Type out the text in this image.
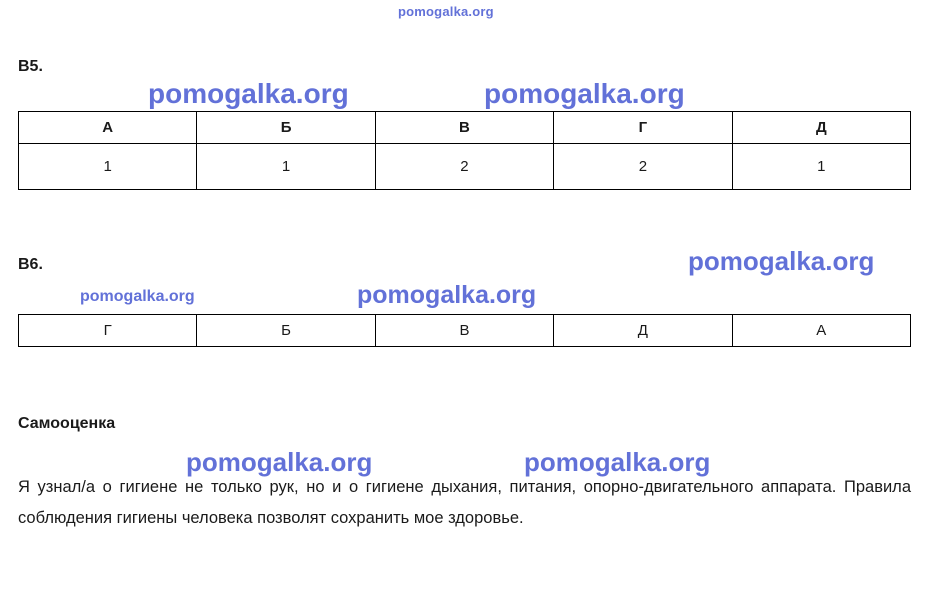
pomogalka.org
pomogalka.org	pomogalka.org
pomogalka.org
pomogalka.org	pomogalka.org
pomogalka.org	pomogalka.org
В5.
А	Б	В	Г	Д
1	1	2	2	1
В6.
Г	Б	В	Д	А
Самооценка
Я узнал/а о гигиене не только рук, но и о гигиене дыхания, питания, опорно-двигательного аппарата. Правила соблюдения гигиены человека позволят сохранить мое здоровье.
